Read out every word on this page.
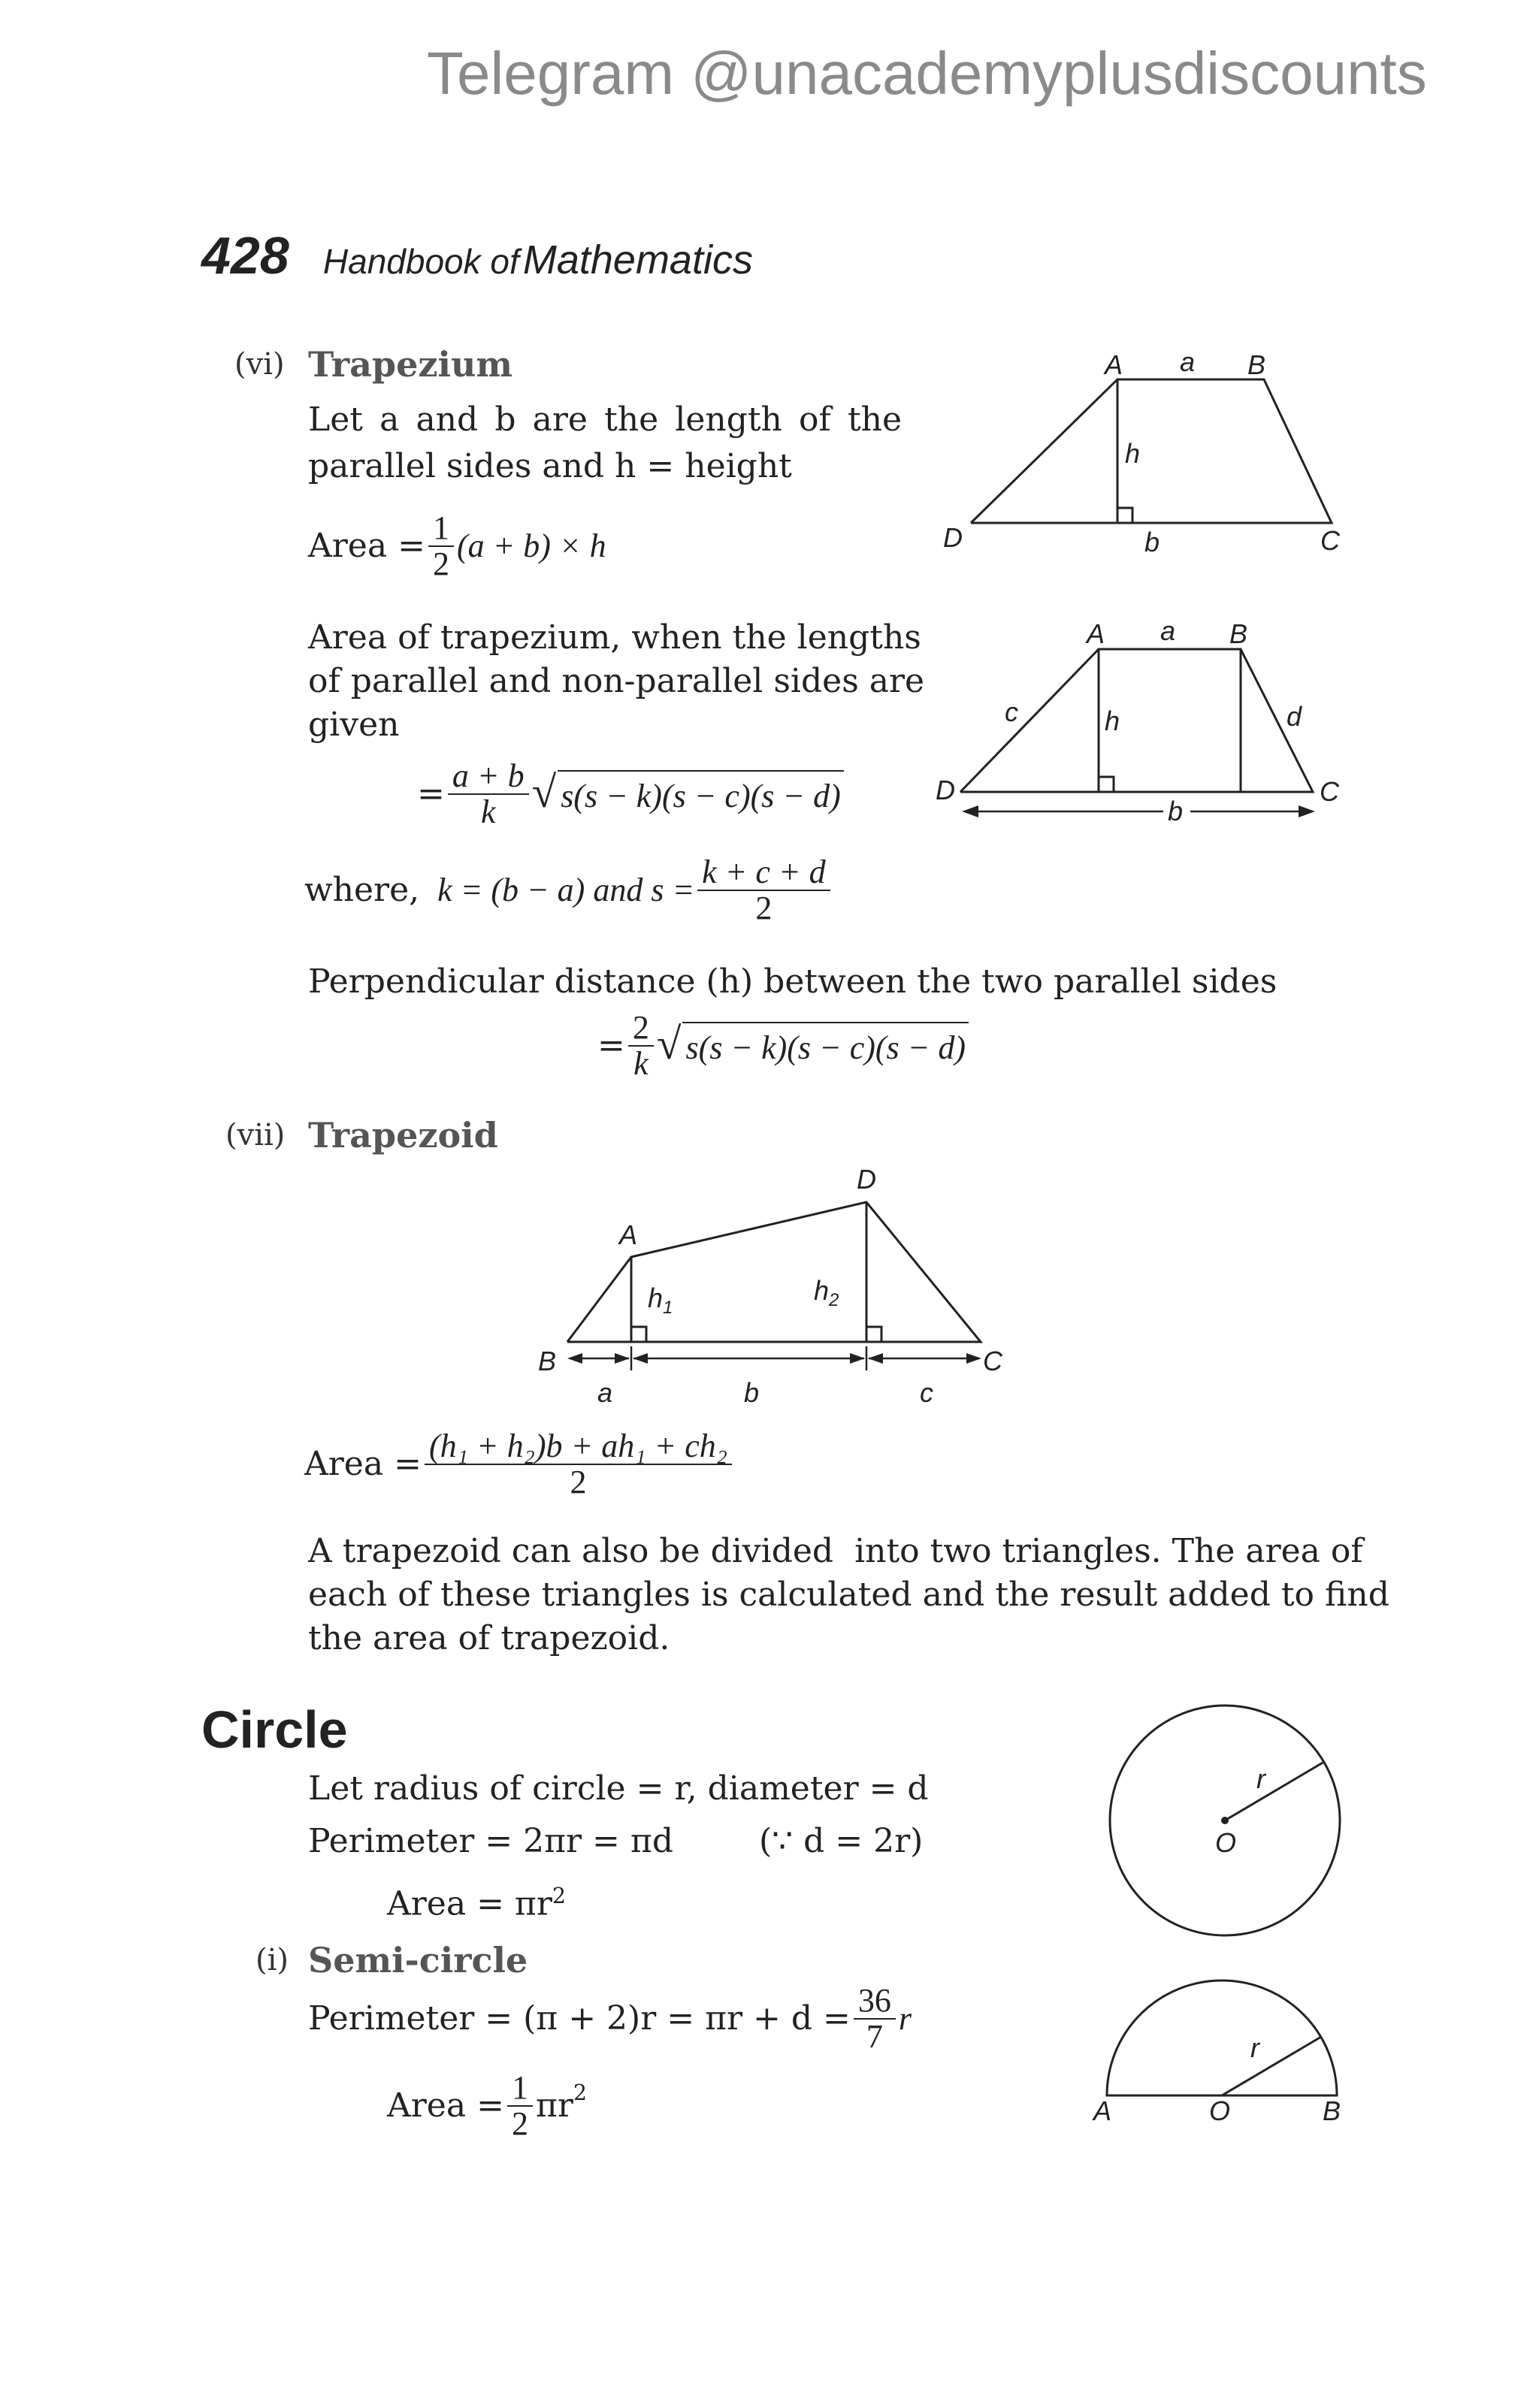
Telegram @unacademyplusdiscounts
428 Handbook of Mathematics
(vi) Trapezium
Let a and b are the length of the
parallel sides and h = height
Area = $\frac{1}{2} (a + b) \times h$
Area of trapezium, when the lengths
of parallel and non-parallel sides are
given
= $\frac{a + b}{k}$ √ s(s − k)(s − c)(s − d)
where, k = (b − a) and $s = \frac{k + c + d}{2}$
Perpendicular distance (h) between the two parallel sides
= $\frac{2}{k}$ √ s(s − k)(s − c)(s − d)
A a B
h
D	b	C
A a B
c	h	d
D
b
C
(vii) Trapezoid
D
A
$h_1$
$h_2$
B	C
a	b	c
Area = $\frac{\text{(h₁ + h₂)b + ah₁ + ch₂}}{2}$
A trapezoid can also be divided  into two triangles. The area of
each of these triangles is calculated and the result added to find
the area of trapezoid.
Circle
Let radius of circle = r, diameter = d
Perimeter = 2πr = πd	(∵ d = 2r)
Area = $\pi r^2$
r
O
(i) Semi-circle
Perimeter = $(\pi + 2)r = \pi r + d = \frac{36}{7}$ r
Area = $\frac{1}{2} \pi r^2$
r
A	O	B
